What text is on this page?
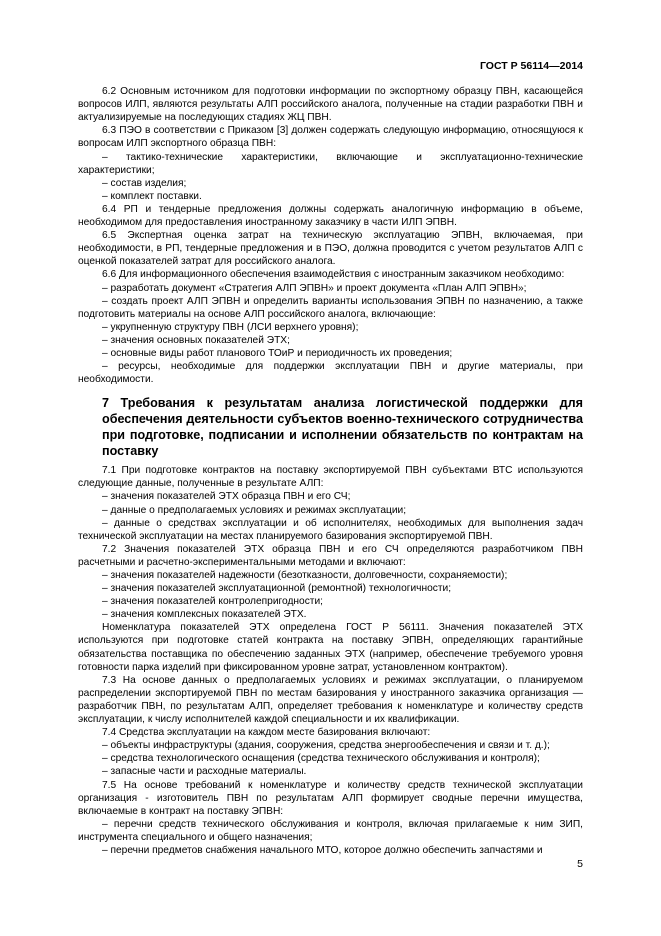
ГОСТ Р 56114—2014

6.2 Основным источником для подготовки информации по экспортному образцу ПВН, касающейся вопросов ИЛП, являются результаты АЛП российского аналога, полученные на стадии разработки ПВН и актуализируемые на последующих стадиях ЖЦ ПВН.

6.3 ПЭО в соответствии с Приказом [3] должен содержать следующую информацию, относящуюся к вопросам ИЛП экспортного образца ПВН:

– тактико-технические характеристики, включающие и эксплуатационно-технические характеристики;

– состав изделия;

– комплект поставки.

6.4 РП и тендерные предложения должны содержать аналогичную информацию в объеме, необходимом для предоставления иностранному заказчику в части ИЛП ЭПВН.

6.5 Экспертная оценка затрат на техническую эксплуатацию ЭПВН, включаемая, при необходимости, в РП, тендерные предложения и в ПЭО, должна проводится с учетом результатов АЛП с оценкой показателей затрат для российского аналога.

6.6 Для информационного обеспечения взаимодействия с иностранным заказчиком необходимо:

– разработать документ «Стратегия АЛП ЭПВН» и проект документа «План АЛП ЭПВН»;

– создать проект АЛП ЭПВН и определить варианты использования ЭПВН по назначению, а также подготовить материалы на основе АЛП российского аналога, включающие:

– укрупненную структуру ПВН (ЛСИ верхнего уровня);

– значения основных показателей ЭТХ;

– основные виды работ планового ТОиР и периодичность их проведения;

– ресурсы, необходимые для поддержки эксплуатации ПВН и другие материалы, при необходимости.

7 Требования к результатам анализа логистической поддержки для обеспечения деятельности субъектов военно-технического сотрудничества при подготовке, подписании и исполнении обязательств по контрактам на поставку

7.1 При подготовке контрактов на поставку экспортируемой ПВН субъектами ВТС используются следующие данные, полученные в результате АЛП:

– значения показателей ЭТХ образца ПВН и его СЧ;

– данные о предполагаемых условиях и режимах эксплуатации;

– данные о средствах эксплуатации и об исполнителях, необходимых для выполнения задач технической эксплуатации на местах планируемого базирования экспортируемой ПВН.

7.2 Значения показателей ЭТХ образца ПВН и его СЧ определяются разработчиком ПВН расчетными и расчетно-экспериментальными методами и включают:

– значения показателей надежности (безотказности, долговечности, сохраняемости);

– значения показателей эксплуатационной (ремонтной) технологичности;

– значения показателей контролепригодности;

– значения комплексных показателей ЭТХ.

Номенклатура показателей ЭТХ определена ГОСТ Р 56111. Значения показателей ЭТХ используются при подготовке статей контракта на поставку ЭПВН, определяющих гарантийные обязательства поставщика по обеспечению заданных ЭТХ (например, обеспечение требуемого уровня готовности парка изделий при фиксированном уровне затрат, установленном контрактом).

7.3 На основе данных о предполагаемых условиях и режимах эксплуатации, о планируемом распределении экспортируемой ПВН по местам базирования у иностранного заказчика организация — разработчик ПВН, по результатам АЛП, определяет требования к номенклатуре и количеству средств эксплуатации, к числу исполнителей каждой специальности и их квалификации.

7.4 Средства эксплуатации на каждом месте базирования включают:

– объекты инфраструктуры (здания, сооружения, средства энергообеспечения и связи и т. д.);

– средства технологического оснащения (средства технического обслуживания и контроля);

– запасные части и расходные материалы.

7.5 На основе требований к номенклатуре и количеству средств технической эксплуатации организация - изготовитель ПВН по результатам АЛП формирует сводные перечни имущества, включаемые в контракт на поставку ЭПВН:

– перечни средств технического обслуживания и контроля, включая прилагаемые к ним ЗИП, инструмента специального и общего назначения;

– перечни предметов снабжения начального МТО, которое должно обеспечить запчастями и

5
